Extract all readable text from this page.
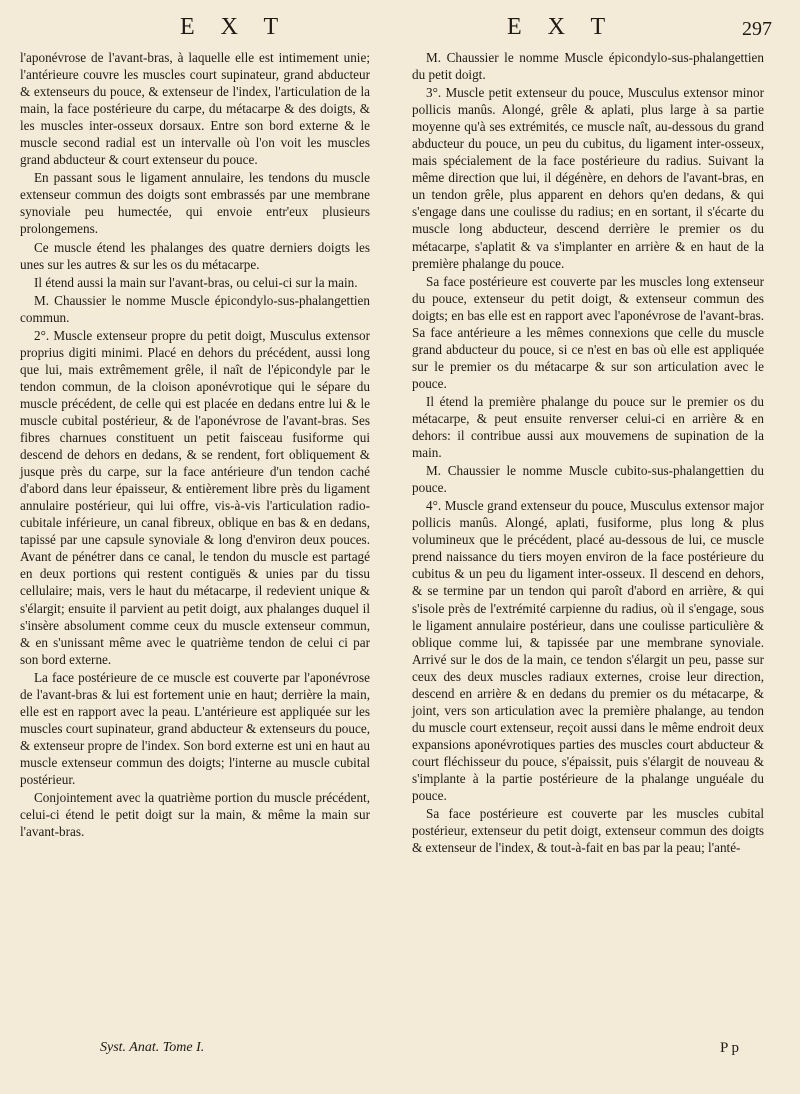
E X T	E X T	297

l'aponévrose de l'avant-bras, à laquelle elle est intimement unie; l'antérieure couvre les muscles court supinateur, grand abducteur & extenseurs du pouce, & extenseur de l'index, l'articulation de la main, la face postérieure du carpe, du métacarpe & des doigts, & les muscles inter-osseux dorsaux. Entre son bord externe & le muscle second radial est un intervalle où l'on voit les muscles grand abducteur & court extenseur du pouce.

En passant sous le ligament annulaire, les tendons du muscle extenseur commun des doigts sont embrassés par une membrane synoviale peu humectée, qui envoie entr'eux plusieurs prolongemens.

Ce muscle étend les phalanges des quatre derniers doigts les unes sur les autres & sur les os du métacarpe.

Il étend aussi la main sur l'avant-bras, ou celui-ci sur la main.

M. Chaussier le nomme Muscle épicondylo-sus-phalangettien commun.

2°. Muscle extenseur propre du petit doigt, Musculus extensor proprius digiti minimi. Placé en dehors du précédent, aussi long que lui, mais extrêmement grêle, il naît de l'épicondyle par le tendon commun, de la cloison aponévrotique qui le sépare du muscle précédent, de celle qui est placée en dedans entre lui & le muscle cubital postérieur, & de l'aponévrose de l'avant-bras. Ses fibres charnues constituent un petit faisceau fusiforme qui descend de dehors en dedans, & se rendent, fort obliquement & jusque près du carpe, sur la face antérieure d'un tendon caché d'abord dans leur épaisseur, & entièrement libre près du ligament annulaire postérieur, qui lui offre, vis-à-vis l'articulation radio-cubitale inférieure, un canal fibreux, oblique en bas & en dedans, tapissé par une capsule synoviale & long d'environ deux pouces. Avant de pénétrer dans ce canal, le tendon du muscle est partagé en deux portions qui restent contiguës & unies par du tissu cellulaire; mais, vers le haut du métacarpe, il redevient unique & s'élargit; ensuite il parvient au petit doigt, aux phalanges duquel il s'insère absolument comme ceux du muscle extenseur commun, & en s'unissant même avec le quatrième tendon de celui ci par son bord externe.

La face postérieure de ce muscle est couverte par l'aponévrose de l'avant-bras & lui est fortement unie en haut; derrière la main, elle est en rapport avec la peau. L'antérieure est appliquée sur les muscles court supinateur, grand abducteur & extenseurs du pouce, & extenseur propre de l'index. Son bord externe est uni en haut au muscle extenseur commun des doigts; l'interne au muscle cubital postérieur.

Conjointement avec la quatrième portion du muscle précédent, celui-ci étend le petit doigt sur la main, & même la main sur l'avant-bras.

M. Chaussier le nomme Muscle épicondylo-sus-phalangettien du petit doigt.

3°. Muscle petit extenseur du pouce, Musculus extensor minor pollicis manûs. Alongé, grêle & aplati, plus large à sa partie moyenne qu'à ses extrémités, ce muscle naît, au-dessous du grand abducteur du pouce, un peu du cubitus, du ligament inter-osseux, mais spécialement de la face postérieure du radius. Suivant la même direction que lui, il dégénère, en dehors de l'avant-bras, en un tendon grêle, plus apparent en dehors qu'en dedans, & qui s'engage dans une coulisse du radius; en en sortant, il s'écarte du muscle long abducteur, descend derrière le premier os du métacarpe, s'aplatit & va s'implanter en arrière & en haut de la première phalange du pouce.

Sa face postérieure est couverte par les muscles long extenseur du pouce, extenseur du petit doigt, & extenseur commun des doigts; en bas elle est en rapport avec l'aponévrose de l'avant-bras. Sa face antérieure a les mêmes connexions que celle du muscle grand abducteur du pouce, si ce n'est en bas où elle est appliquée sur le premier os du métacarpe & sur son articulation avec le pouce.

Il étend la première phalange du pouce sur le premier os du métacarpe, & peut ensuite renverser celui-ci en arrière & en dehors: il contribue aussi aux mouvemens de supination de la main.

M. Chaussier le nomme Muscle cubito-sus-phalangettien du pouce.

4°. Muscle grand extenseur du pouce, Musculus extensor major pollicis manûs. Alongé, aplati, fusiforme, plus long & plus volumineux que le précédent, placé au-dessous de lui, ce muscle prend naissance du tiers moyen environ de la face postérieure du cubitus & un peu du ligament inter-osseux. Il descend en dehors, & se termine par un tendon qui paroît d'abord en arrière, & qui s'isole près de l'extrémité carpienne du radius, où il s'engage, sous le ligament annulaire postérieur, dans une coulisse particulière & oblique comme lui, & tapissée par une membrane synoviale. Arrivé sur le dos de la main, ce tendon s'élargit un peu, passe sur ceux des deux muscles radiaux externes, croise leur direction, descend en arrière & en dedans du premier os du métacarpe, & joint, vers son articulation avec la première phalange, au tendon du muscle court extenseur, reçoit aussi dans le même endroit deux expansions aponévrotiques parties des muscles court abducteur & court fléchisseur du pouce, s'épaissit, puis s'élargit de nouveau & s'implante à la partie postérieure de la phalange unguéale du pouce.

Sa face postérieure est couverte par les muscles cubital postérieur, extenseur du petit doigt, extenseur commun des doigts & extenseur de l'index, & tout-à-fait en bas par la peau; l'anté-

Syst. Anat. Tome I.	P p
